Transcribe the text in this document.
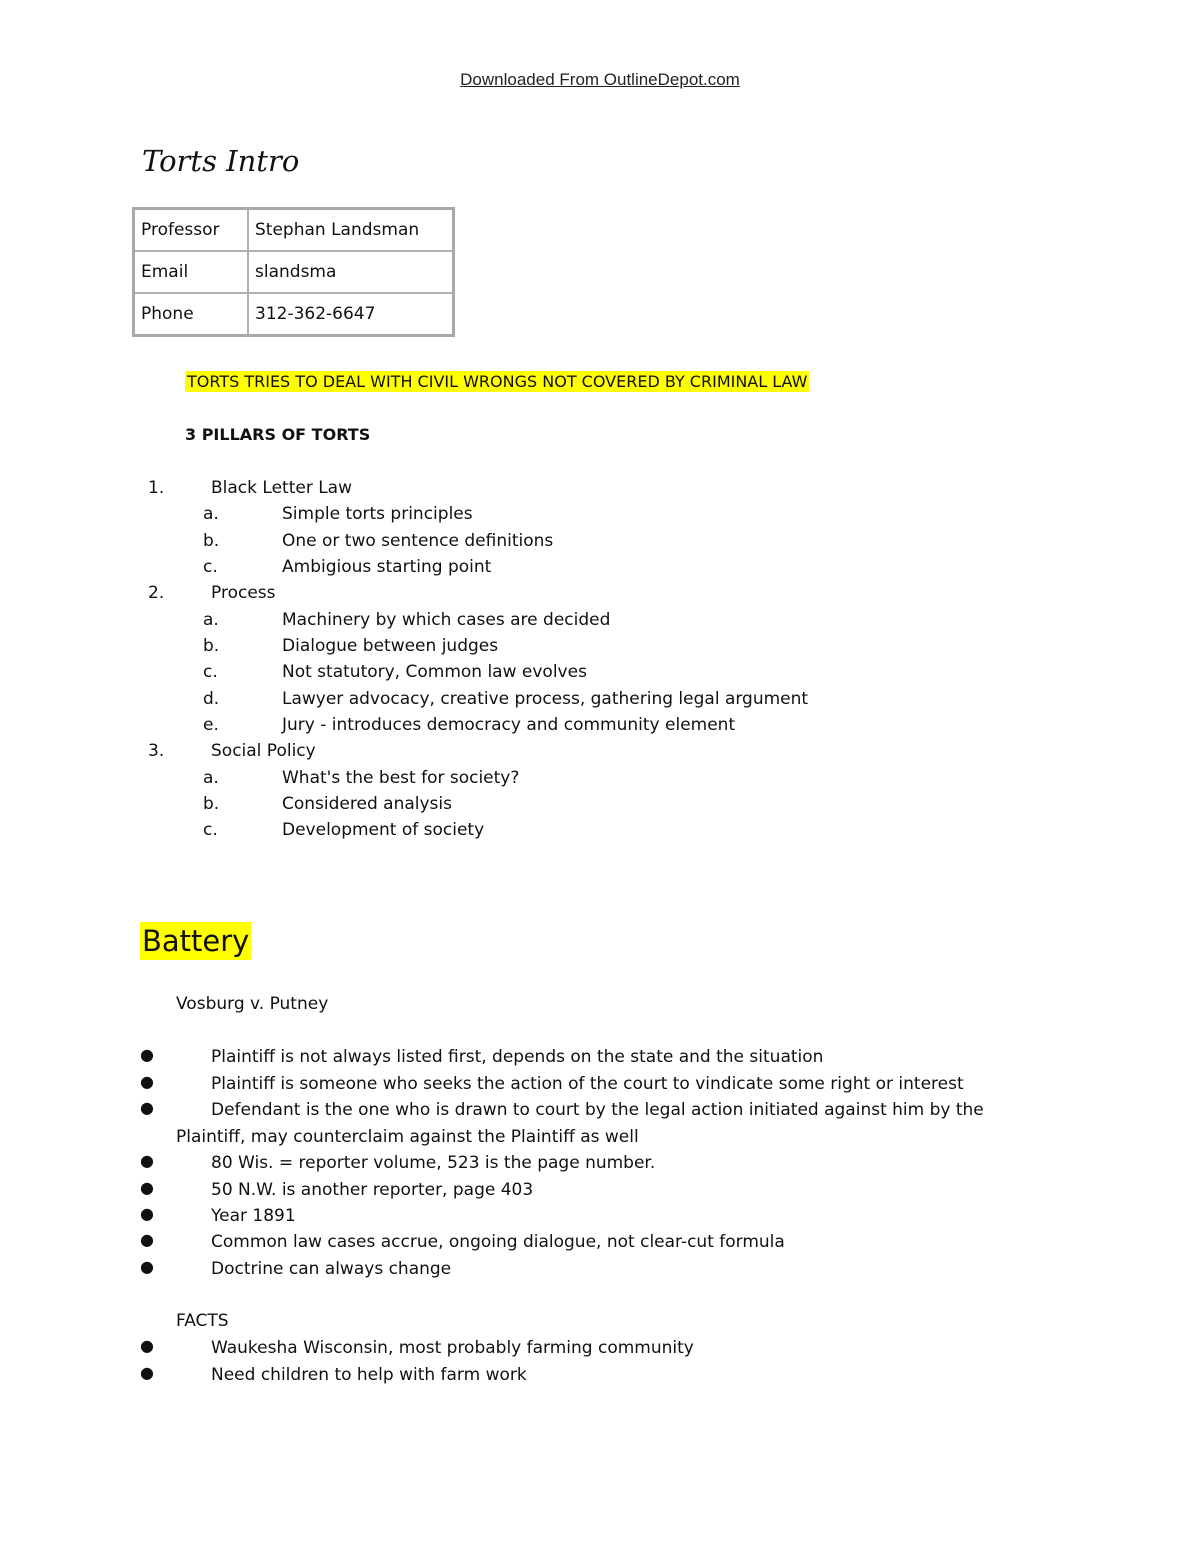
Downloaded From OutlineDepot.com
Torts Intro
Professor	Stephan Landsman
Email	slandsma
Phone	312-362-6647
TORTS TRIES TO DEAL WITH CIVIL WRONGS NOT COVERED BY CRIMINAL LAW
3 PILLARS OF TORTS
1.	Black Letter Law
a.	Simple torts principles
b.	One or two sentence definitions
c.	Ambigious starting point
2.	Process
a.	Machinery by which cases are decided
b.	Dialogue between judges
c.	Not statutory, Common law evolves
d.	Lawyer advocacy, creative process, gathering legal argument
e.	Jury - introduces democracy and community element
3.	Social Policy
a.	What's the best for society?
b.	Considered analysis
c.	Development of society
Battery
Vosburg v. Putney
●	Plaintiff is not always listed first, depends on the state and the situation
●	Plaintiff is someone who seeks the action of the court to vindicate some right or interest
●	Defendant is the one who is drawn to court by the legal action initiated against him by the
Plaintiff, may counterclaim against the Plaintiff as well
●	80 Wis. = reporter volume, 523 is the page number.
●	50 N.W. is another reporter, page 403
●	Year 1891
●	Common law cases accrue, ongoing dialogue, not clear-cut formula
●	Doctrine can always change
FACTS
●	Waukesha Wisconsin, most probably farming community
●	Need children to help with farm work
